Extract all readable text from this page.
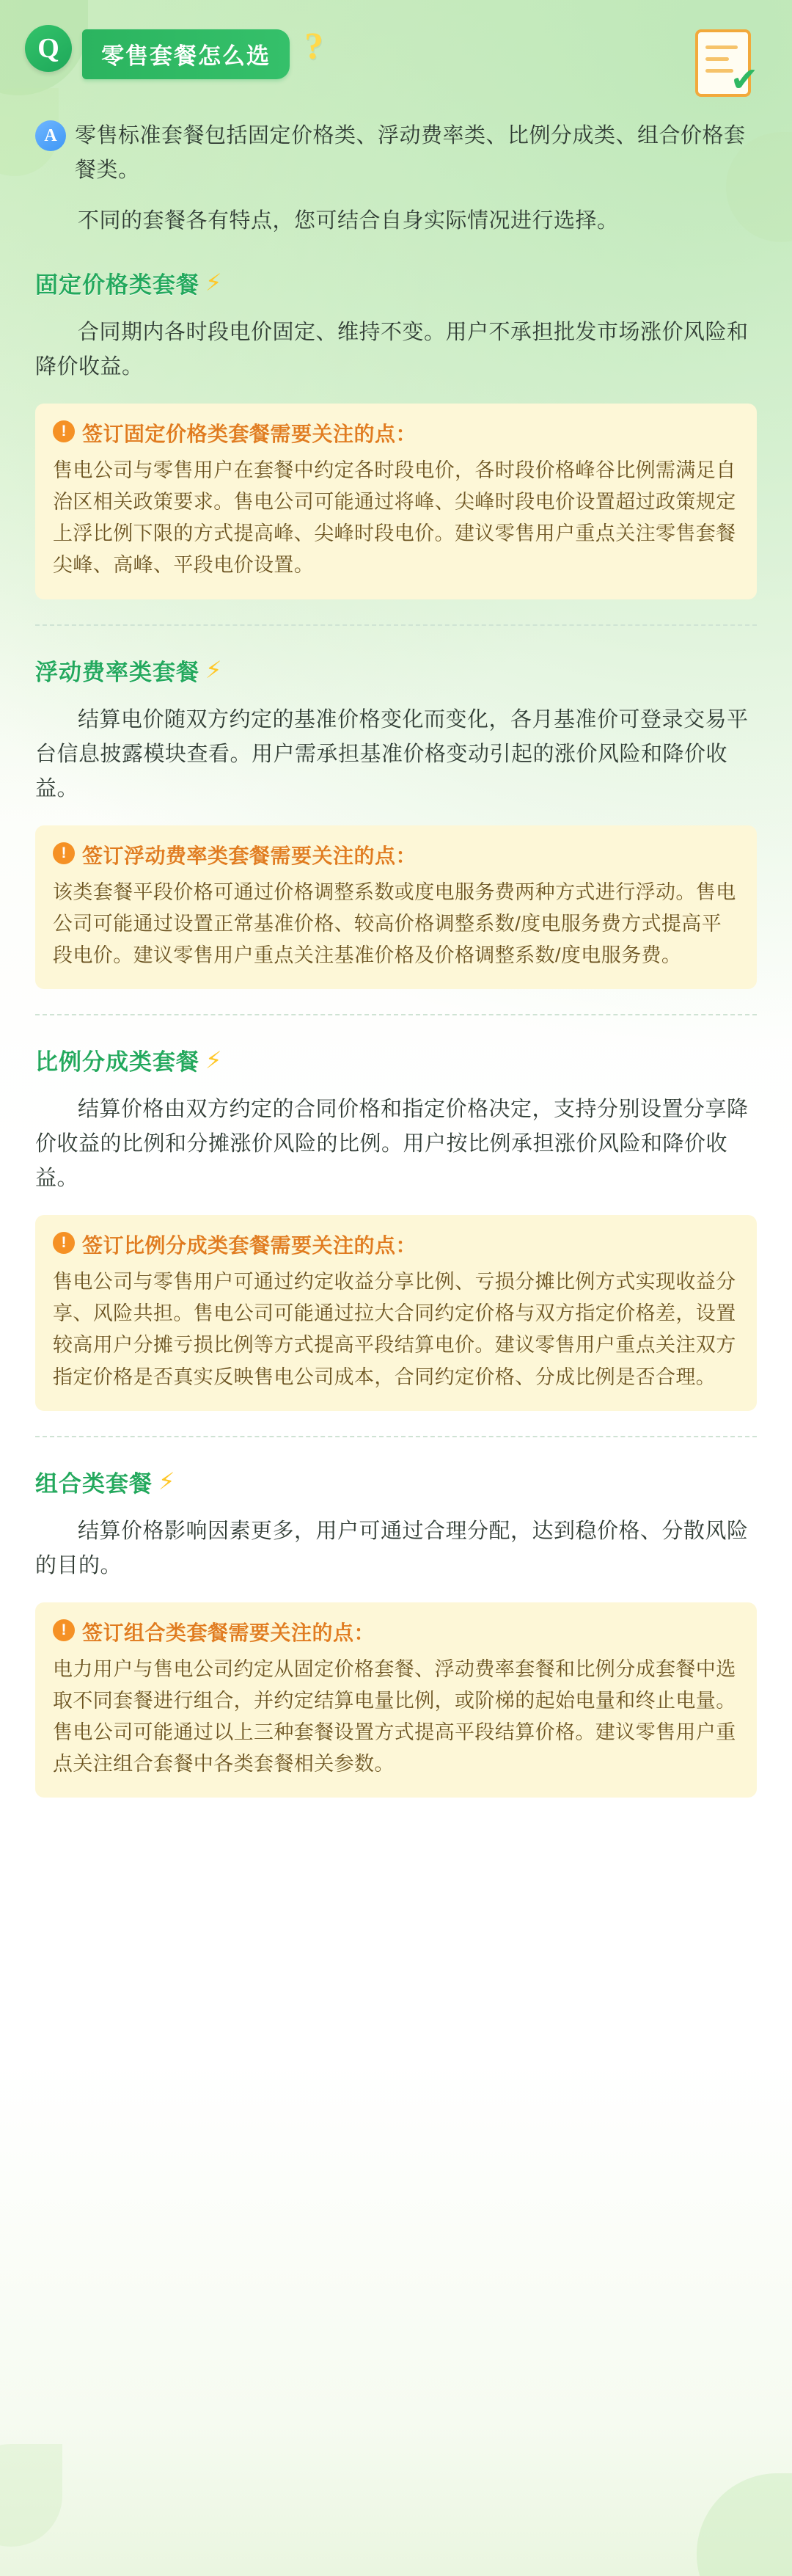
Q	零售套餐怎么选 ?
✔
A 零售标准套餐包括固定价格类、浮动费率类、比例分成类、组合价格套餐类。

不同的套餐各有特点，您可结合自身实际情况进行选择。

固定价格类套餐 ⚡

合同期内各时段电价固定、维持不变。用户不承担批发市场涨价风险和降价收益。

! 签订固定价格类套餐需要关注的点：

售电公司与零售用户在套餐中约定各时段电价，各时段价格峰谷比例需满足自治区相关政策要求。售电公司可能通过将峰、尖峰时段电价设置超过政策规定上浮比例下限的方式提高峰、尖峰时段电价。建议零售用户重点关注零售套餐尖峰、高峰、平段电价设置。

浮动费率类套餐 ⚡

结算电价随双方约定的基准价格变化而变化，各月基准价可登录交易平台信息披露模块查看。用户需承担基准价格变动引起的涨价风险和降价收益。

! 签订浮动费率类套餐需要关注的点：

该类套餐平段价格可通过价格调整系数或度电服务费两种方式进行浮动。售电公司可能通过设置正常基准价格、较高价格调整系数/度电服务费方式提高平段电价。建议零售用户重点关注基准价格及价格调整系数/度电服务费。

比例分成类套餐 ⚡

结算价格由双方约定的合同价格和指定价格决定，支持分别设置分享降价收益的比例和分摊涨价风险的比例。用户按比例承担涨价风险和降价收益。

! 签订比例分成类套餐需要关注的点：

售电公司与零售用户可通过约定收益分享比例、亏损分摊比例方式实现收益分享、风险共担。售电公司可能通过拉大合同约定价格与双方指定价格差，设置较高用户分摊亏损比例等方式提高平段结算电价。建议零售用户重点关注双方指定价格是否真实反映售电公司成本，合同约定价格、分成比例是否合理。

组合类套餐 ⚡

结算价格影响因素更多，用户可通过合理分配，达到稳价格、分散风险的目的。

! 签订组合类套餐需要关注的点：

电力用户与售电公司约定从固定价格套餐、浮动费率套餐和比例分成套餐中选取不同套餐进行组合，并约定结算电量比例，或阶梯的起始电量和终止电量。售电公司可能通过以上三种套餐设置方式提高平段结算价格。建议零售用户重点关注组合套餐中各类套餐相关参数。
